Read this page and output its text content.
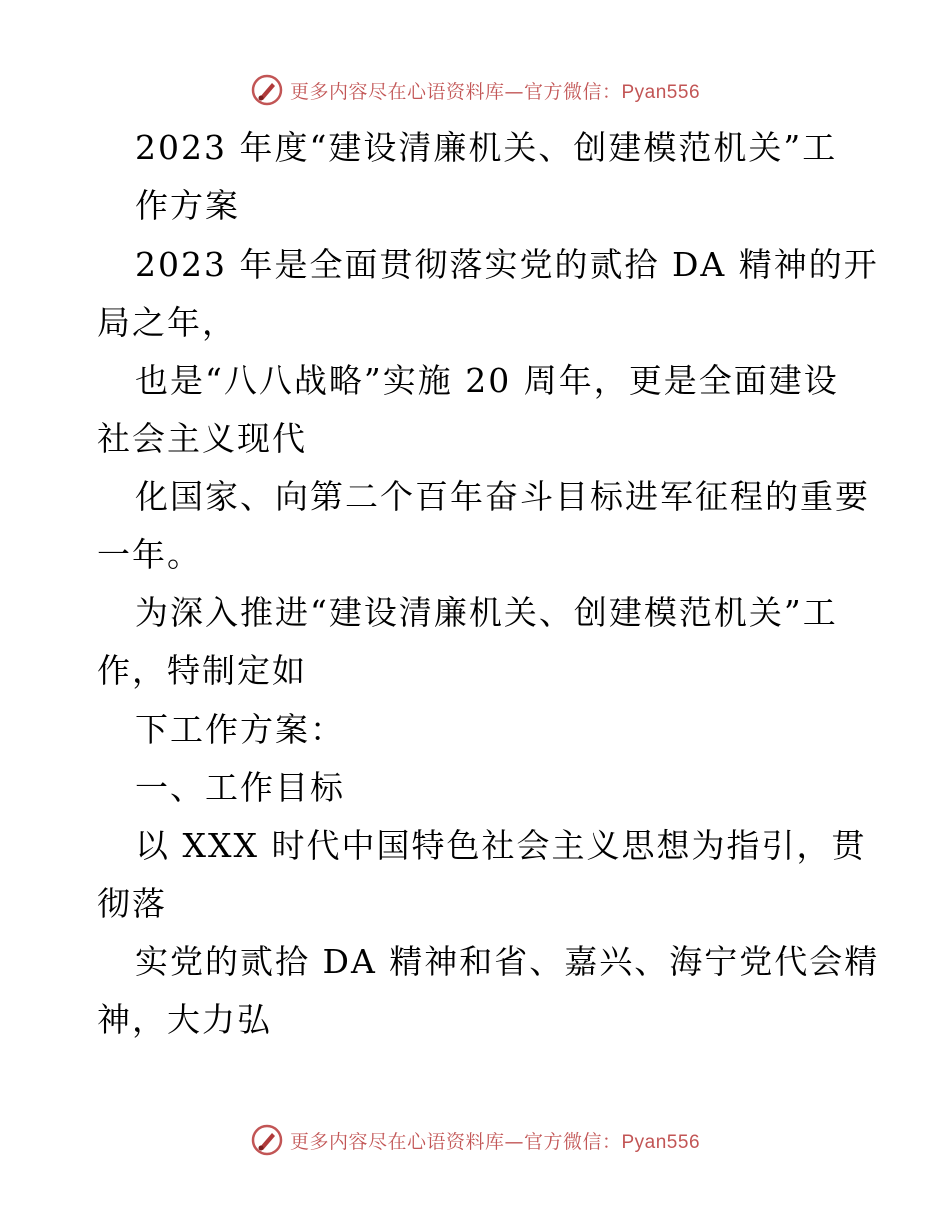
更多内容尽在心语资料库—官方微信：Pyan556
2023 年度“建设清廉机关、创建模范机关”工
作方案
2023 年是全面贯彻落实党的贰拾 DA 精神的开
局之年，
也是“八八战略”实施 20 周年，更是全面建设
社会主义现代
化国家、向第二个百年奋斗目标进军征程的重要
一年。
为深入推进“建设清廉机关、创建模范机关”工
作，特制定如
下工作方案：
一、工作目标
以 XXX 时代中国特色社会主义思想为指引，贯
彻落
实党的贰拾 DA 精神和省、嘉兴、海宁党代会精
神，大力弘
更多内容尽在心语资料库—官方微信：Pyan556
